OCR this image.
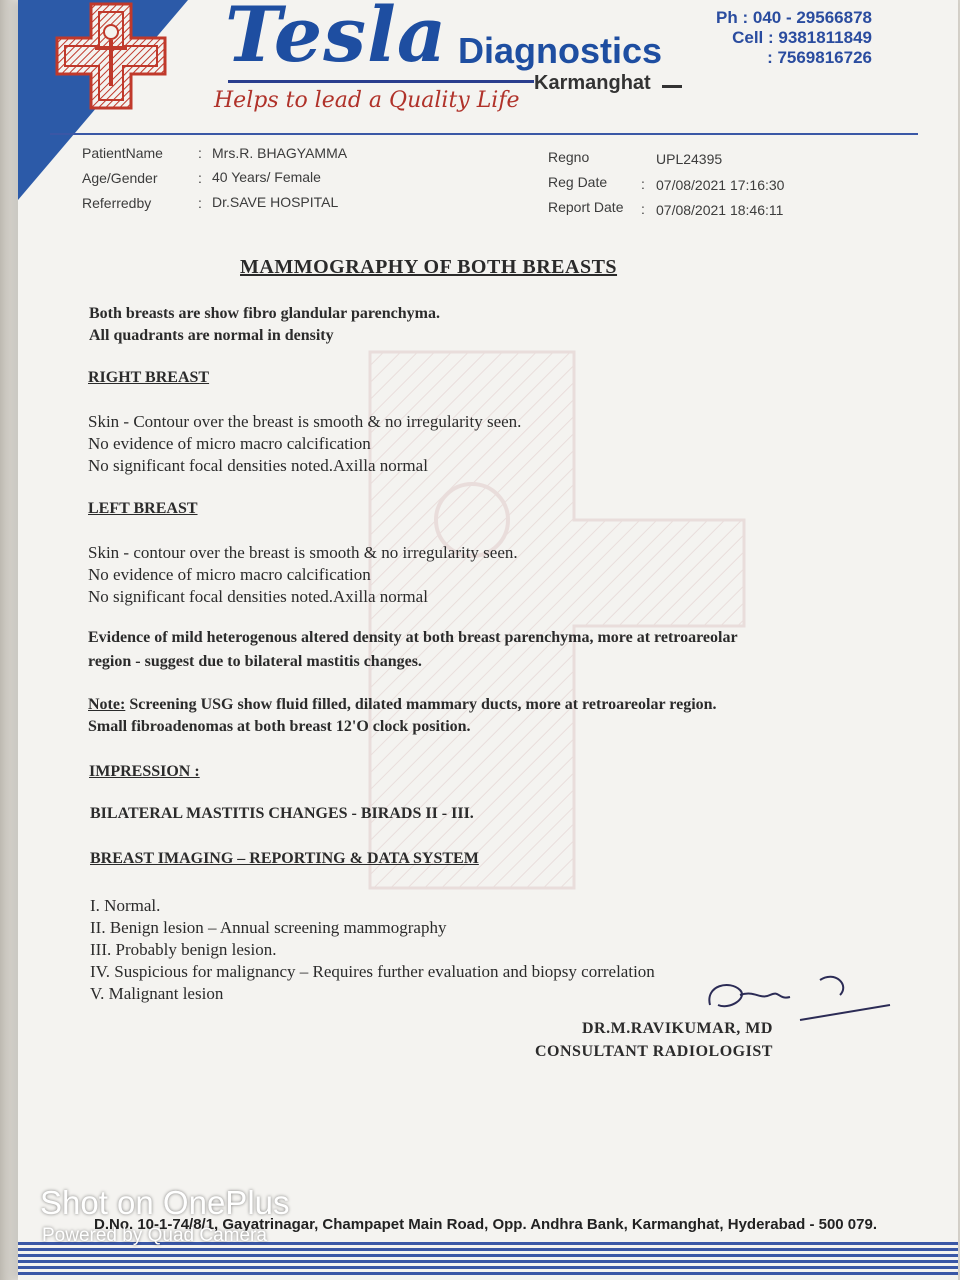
Tesla Diagnostics
Karmanghat
Helps to lead a Quality Life
Ph : 040 - 29566878
Cell : 9381811849
: 7569816726
PatientName	: Mrs.R. BHAGYAMMA
Age/Gender	: 40 Years/ Female
Referredby	: Dr.SAVE HOSPITAL
Regno	UPL24395
Reg Date : 07/08/2021 17:16:30
Report Date : 07/08/2021 18:46:11
MAMMOGRAPHY OF BOTH BREASTS
Both breasts are show fibro glandular parenchyma.
All quadrants are normal in density
RIGHT BREAST
Skin - Contour over the breast is smooth & no irregularity seen.
No evidence of micro macro calcification
No significant focal densities noted.Axilla normal
LEFT BREAST
Skin - contour over the breast is smooth & no irregularity seen.
No evidence of micro macro calcification
No significant focal densities noted.Axilla normal
Evidence of mild heterogenous altered density at both breast parenchyma, more at retroareolar
region - suggest due to bilateral mastitis changes.
Note: Screening USG show fluid filled, dilated mammary ducts, more at retroareolar region.
Small fibroadenomas at both breast 12'O clock position.
IMPRESSION :
BILATERAL MASTITIS CHANGES - BIRADS II - III.
BREAST IMAGING – REPORTING & DATA SYSTEM
I. Normal.
II. Benign lesion – Annual screening mammography
III. Probably benign lesion.
IV. Suspicious for malignancy – Requires further evaluation and biopsy correlation
V. Malignant lesion
DR.M.RAVIKUMAR, MD
CONSULTANT RADIOLOGIST
D.No. 10-1-74/8/1, Gayatrinagar, Champapet Main Road, Opp. Andhra Bank, Karmanghat, Hyderabad - 500 079.
Shot on OnePlus
Powered by Quad Camera
